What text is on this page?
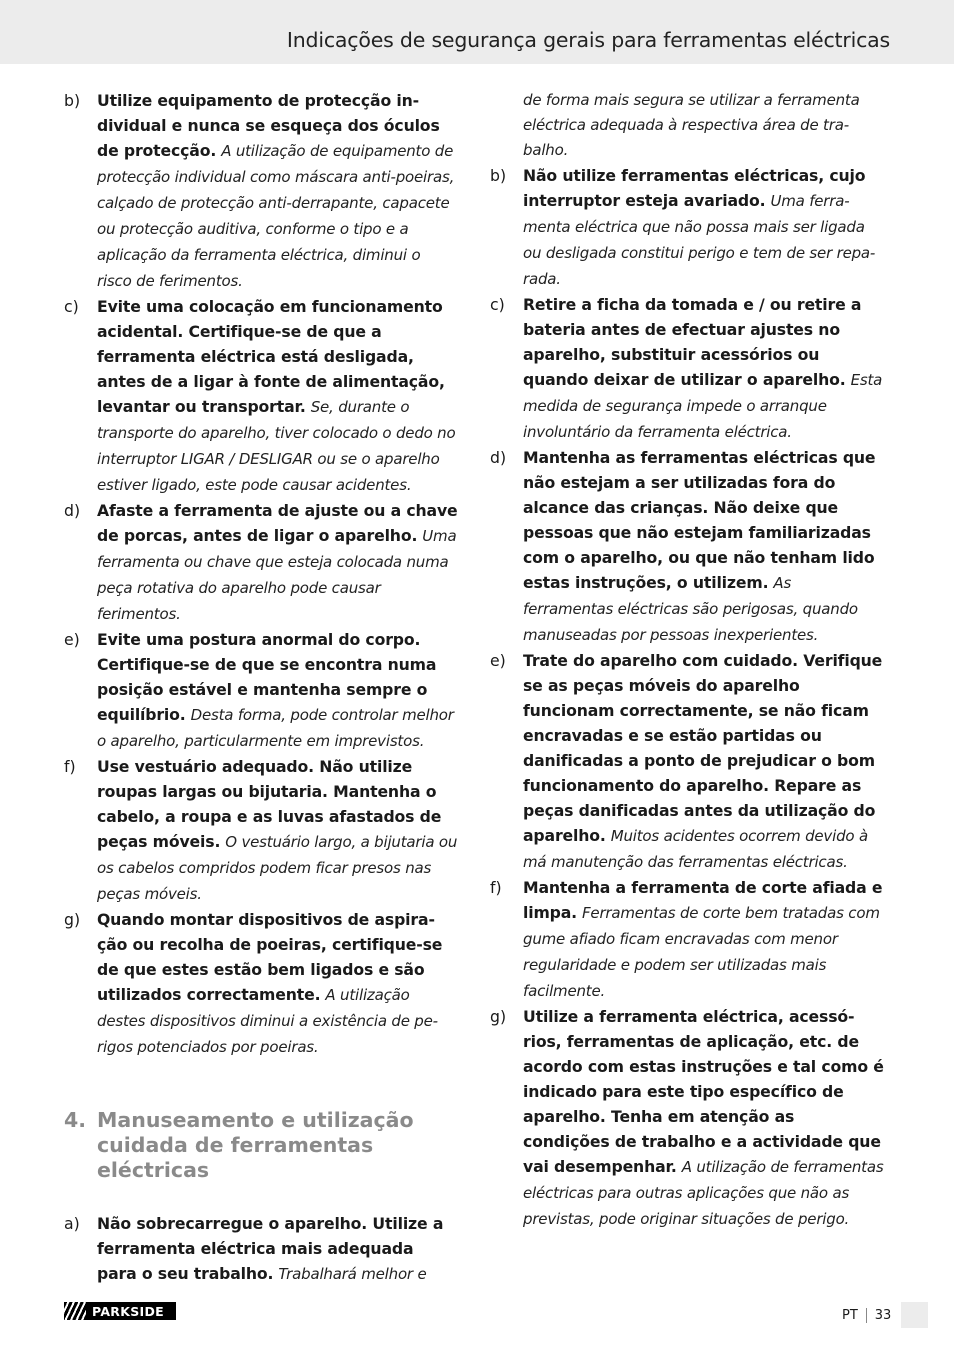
Indicações de segurança gerais para ferramentas eléctricas

b) Utilize equipamento de protecção individual e nunca se esqueça dos óculos de protecção. A utilização de equipamento de protecção individual como máscara anti-poeiras, calçado de protecção anti-derrapante, capacete ou protecção auditiva, conforme o tipo e a aplicação da ferramenta eléctrica, diminui o risco de ferimentos.

c) Evite uma colocação em funcionamento acidental. Certifique-se de que a ferramenta eléctrica está desligada, antes de a ligar à fonte de alimentação, levantar ou transportar. Se, durante o transporte do aparelho, tiver colocado o dedo no interruptor LIGAR / DESLIGAR ou se o aparelho estiver ligado, este pode causar acidentes.

d) Afaste a ferramenta de ajuste ou a chave de porcas, antes de ligar o aparelho. Uma ferramenta ou chave que esteja colocada numa peça rotativa do aparelho pode causar ferimentos.

e) Evite uma postura anormal do corpo. Certifique-se de que se encontra numa posição estável e mantenha sempre o equilíbrio. Desta forma, pode controlar melhor o aparelho, particularmente em imprevistos.

f) Use vestuário adequado. Não utilize roupas largas ou bijutaria. Mantenha o cabelo, a roupa e as luvas afastados de peças móveis. O vestuário largo, a bijutaria ou os cabelos compridos podem ficar presos nas peças móveis.

g) Quando montar dispositivos de aspiração ou recolha de poeiras, certifique-se de que estes estão bem ligados e são utilizados correctamente. A utilização destes dispositivos diminui a existência de perigos potenciados por poeiras.

4. Manuseamento e utilização cuidada de ferramentas eléctricas

a) Não sobrecarregue o aparelho. Utilize a ferramenta eléctrica mais adequada para o seu trabalho. Trabalhará melhor e

de forma mais segura se utilizar a ferramenta eléctrica adequada à respectiva área de trabalho.

b) Não utilize ferramentas eléctricas, cujo interruptor esteja avariado. Uma ferramenta eléctrica que não possa mais ser ligada ou desligada constitui perigo e tem de ser reparada.

c) Retire a ficha da tomada e / ou retire a bateria antes de efectuar ajustes no aparelho, substituir acessórios ou quando deixar de utilizar o aparelho. Esta medida de segurança impede o arranque involuntário da ferramenta eléctrica.

d) Mantenha as ferramentas eléctricas que não estejam a ser utilizadas fora do alcance das crianças. Não deixe que pessoas que não estejam familiarizadas com o aparelho, ou que não tenham lido estas instruções, o utilizem. As ferramentas eléctricas são perigosas, quando manuseadas por pessoas inexperientes.

e) Trate do aparelho com cuidado. Verifique se as peças móveis do aparelho funcionam correctamente, se não ficam encravadas e se estão partidas ou danificadas a ponto de prejudicar o bom funcionamento do aparelho. Repare as peças danificadas antes da utilização do aparelho. Muitos acidentes ocorrem devido à má manutenção das ferramentas eléctricas.

f) Mantenha a ferramenta de corte afiada e limpa. Ferramentas de corte bem tratadas com gume afiado ficam encravadas com menor regularidade e podem ser utilizadas mais facilmente.

g) Utilize a ferramenta eléctrica, acessórios, ferramentas de aplicação, etc. de acordo com estas instruções e tal como é indicado para este tipo específico de aparelho. Tenha em atenção as condições de trabalho e a actividade que vai desempenhar. A utilização de ferramentas eléctricas para outras aplicações que não as previstas, pode originar situações de perigo.

PARKSIDE	PT	33
